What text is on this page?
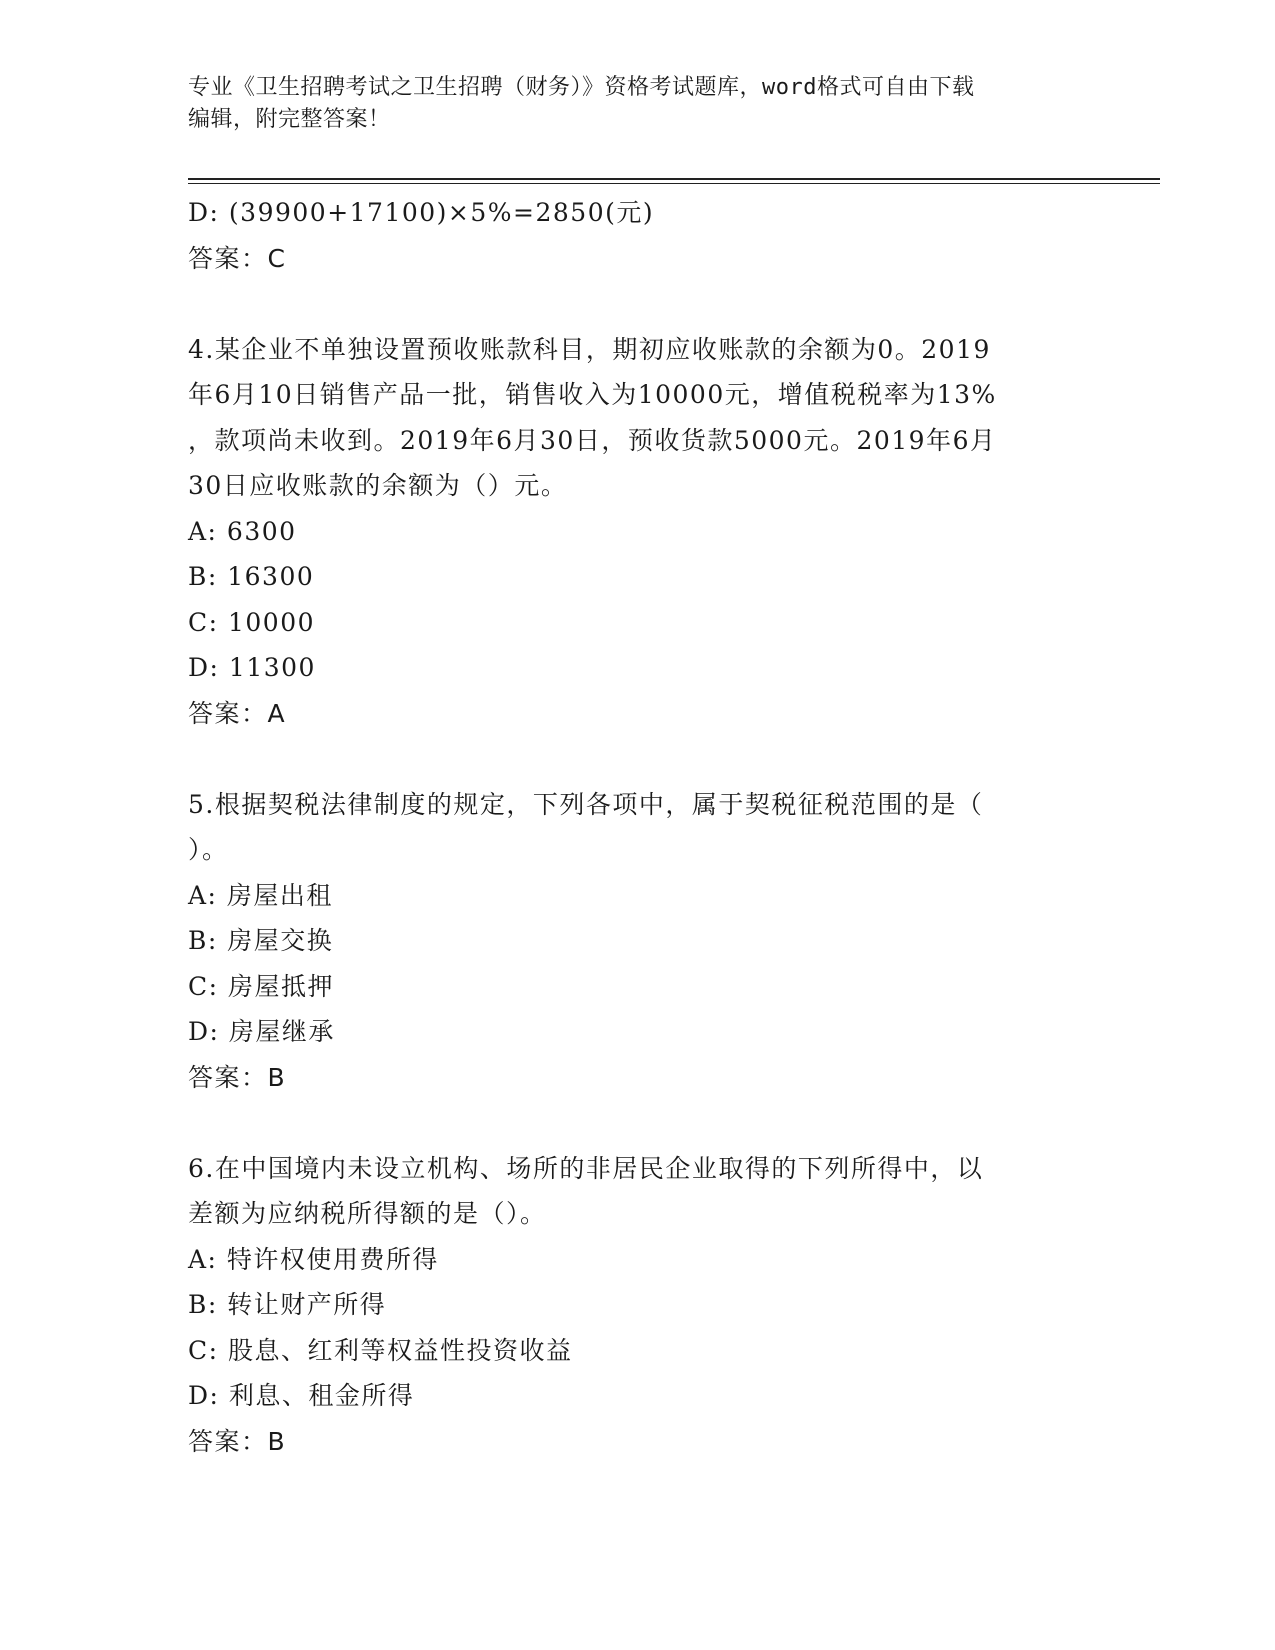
专业《卫生招聘考试之卫生招聘（财务）》资格考试题库，word格式可自由下载
编辑，附完整答案！
D: (39900+17100)×5%=2850(元)
答案：C
4.某企业不单独设置预收账款科目，期初应收账款的余额为0。2019
年6月10日销售产品一批，销售收入为10000元，增值税税率为13%
，款项尚未收到。2019年6月30日，预收货款5000元。2019年6月
30日应收账款的余额为（）元。
A: 6300
B: 16300
C: 10000
D: 11300
答案：A
5.根据契税法律制度的规定，下列各项中，属于契税征税范围的是（
）。
A: 房屋出租
B: 房屋交换
C: 房屋抵押
D: 房屋继承
答案：B
6.在中国境内未设立机构、场所的非居民企业取得的下列所得中，以
差额为应纳税所得额的是（）。
A: 特许权使用费所得
B: 转让财产所得
C: 股息、红利等权益性投资收益
D: 利息、租金所得
答案：B
